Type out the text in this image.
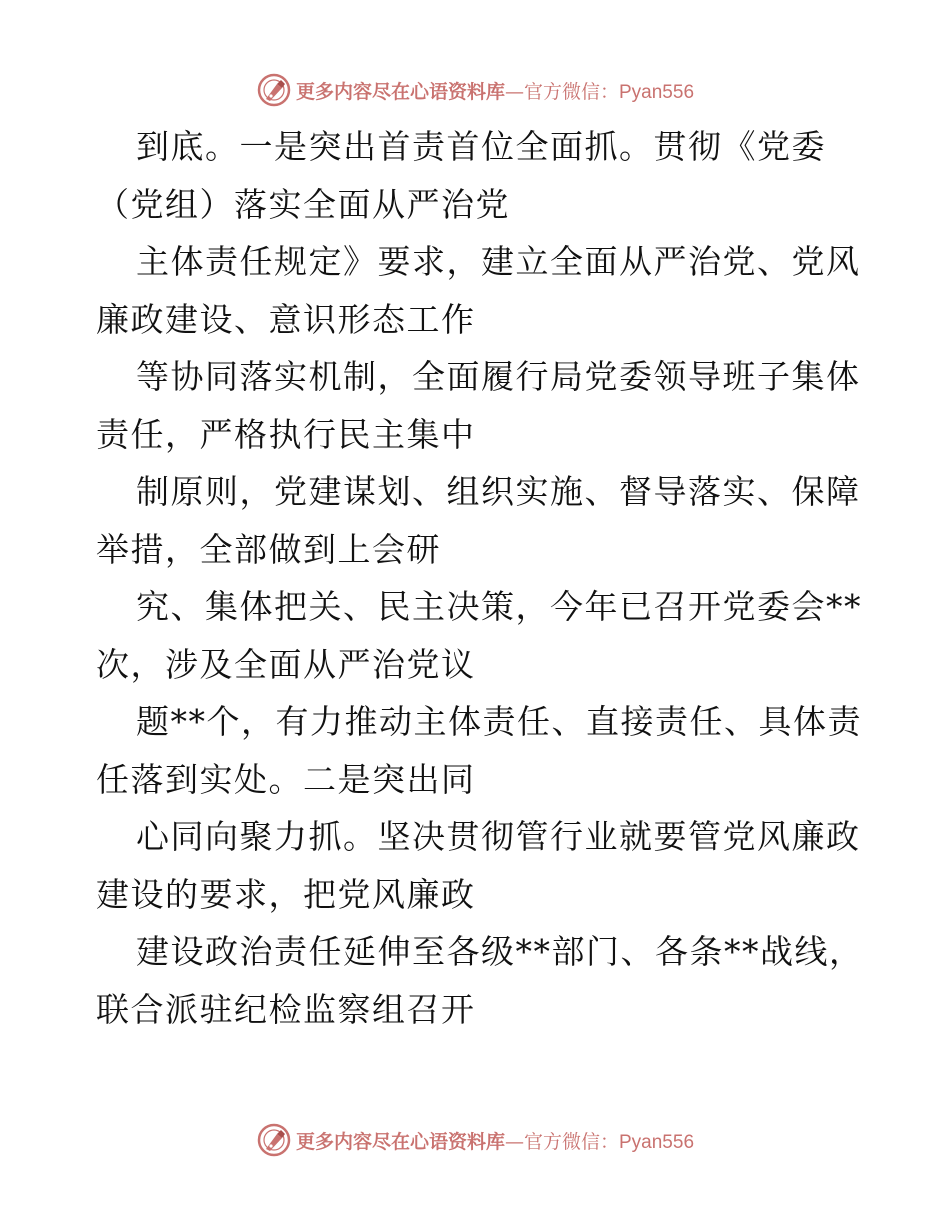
更多内容尽在心语资料库—官方微信：Pyan556
到底。一是突出首责首位全面抓。贯彻《党委
（党组）落实全面从严治党
主体责任规定》要求，建立全面从严治党、党风
廉政建设、意识形态工作
等协同落实机制，全面履行局党委领导班子集体
责任，严格执行民主集中
制原则，党建谋划、组织实施、督导落实、保障
举措，全部做到上会研
究、集体把关、民主决策，今年已召开党委会**
次，涉及全面从严治党议
题**个，有力推动主体责任、直接责任、具体责
任落到实处。二是突出同
心同向聚力抓。坚决贯彻管行业就要管党风廉政
建设的要求，把党风廉政
建设政治责任延伸至各级**部门、各条**战线，
联合派驻纪检监察组召开
更多内容尽在心语资料库—官方微信：Pyan556
